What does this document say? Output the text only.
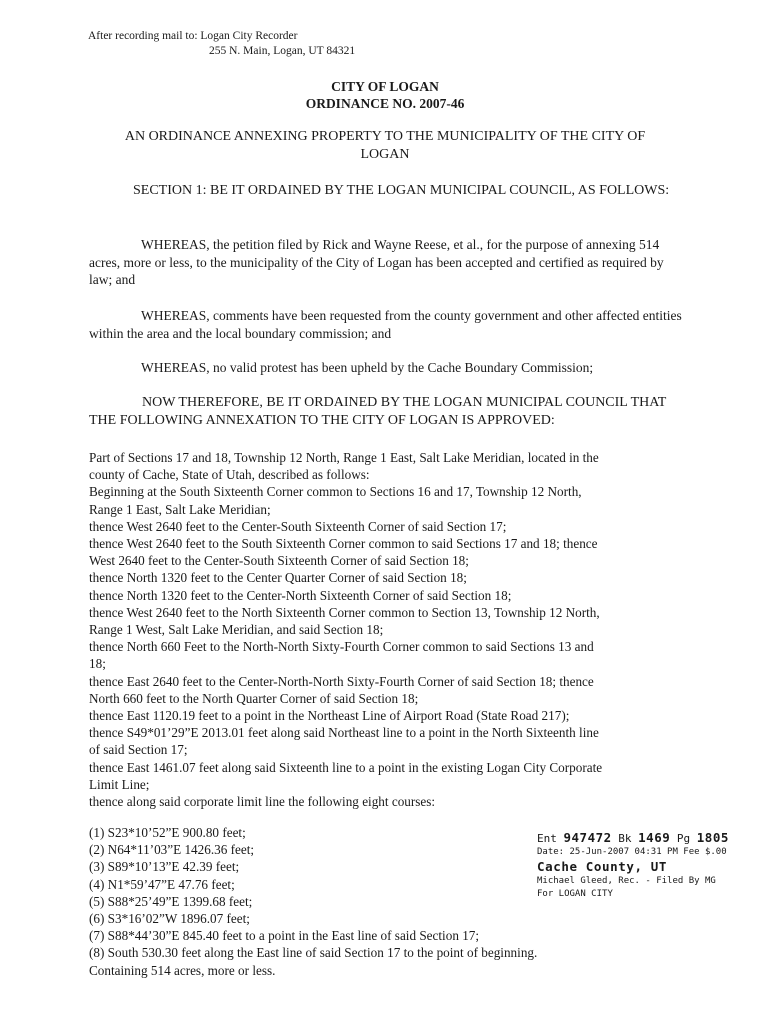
After recording mail to: Logan City Recorder
255 N. Main, Logan, UT 84321
CITY OF LOGAN
ORDINANCE NO. 2007-46
AN ORDINANCE ANNEXING PROPERTY TO THE MUNICIPALITY OF THE CITY OF LOGAN
SECTION 1: BE IT ORDAINED BY THE LOGAN MUNICIPAL COUNCIL, AS FOLLOWS:
WHEREAS, the petition filed by Rick and Wayne Reese, et al., for the purpose of annexing 514 acres, more or less, to the municipality of the City of Logan has been accepted and certified as required by law; and
WHEREAS, comments have been requested from the county government and other affected entities within the area and the local boundary commission; and
WHEREAS, no valid protest has been upheld by the Cache Boundary Commission;
NOW THEREFORE, BE IT ORDAINED BY THE LOGAN MUNICIPAL COUNCIL THAT THE FOLLOWING ANNEXATION TO THE CITY OF LOGAN IS APPROVED:
Part of Sections 17 and 18, Township 12 North, Range 1 East, Salt Lake Meridian, located in the
county of Cache, State of Utah, described as follows:
Beginning at the South Sixteenth Corner common to Sections 16 and 17, Township 12 North,
Range 1 East, Salt Lake Meridian;
thence West 2640 feet to the Center-South Sixteenth Corner of said Section 17;
thence West 2640 feet to the South Sixteenth Corner common to said Sections 17 and 18; thence
West 2640 feet to the Center-South Sixteenth Corner of said Section 18;
thence North 1320 feet to the Center Quarter Corner of said Section 18;
thence North 1320 feet to the Center-North Sixteenth Corner of said Section 18;
thence West 2640 feet to the North Sixteenth Corner common to Section 13, Township 12 North,
Range 1 West, Salt Lake Meridian, and said Section 18;
thence North 660 Feet to the North-North Sixty-Fourth Corner common to said Sections 13 and
18;
thence East 2640 feet to the Center-North-North Sixty-Fourth Corner of said Section 18; thence
North 660 feet to the North Quarter Corner of said Section 18;
thence East 1120.19 feet to a point in the Northeast Line of Airport Road (State Road 217);
thence S49*01’29”E 2013.01 feet along said Northeast line to a point in the North Sixteenth line
of said Section 17;
thence East 1461.07 feet along said Sixteenth line to a point in the existing Logan City Corporate
Limit Line;
thence along said corporate limit line the following eight courses:
(1) S23*10’52”E 900.80 feet;
(2) N64*11’03”E 1426.36 feet;
(3) S89*10’13”E 42.39 feet;
(4) N1*59’47”E 47.76 feet;
(5) S88*25’49”E 1399.68 feet;
(6) S3*16’02”W 1896.07 feet;
(7) S88*44’30”E 845.40 feet to a point in the East line of said Section 17;
(8) South 530.30 feet along the East line of said Section 17 to the point of beginning.
Containing 514 acres, more or less.
Ent 947472 Bk 1469 Pg 1805
Date: 25-Jun-2007 04:31 PM Fee $.00
Cache County, UT
Michael Gleed, Rec. - Filed By MG
For LOGAN CITY
